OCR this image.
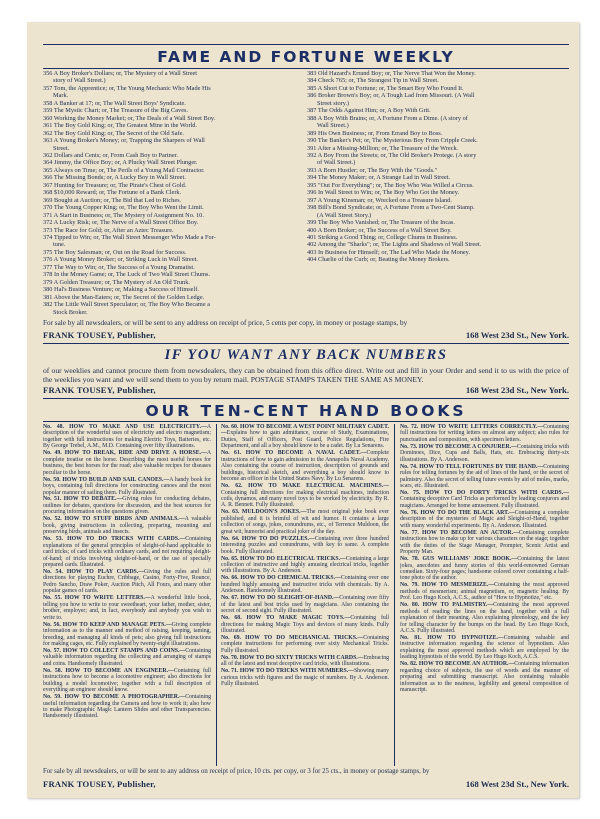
FAME AND FORTUNE WEEKLY
356 A Boy Broker's Dollars; or, The Mystery of a Wall Street
story of Wall Street.)
357 Tom, the Apprentice; or, The Young Mechanic Who Made His
Mark.
358 A Banker at 17; or, The Wall Street Boys' Syndicate.
359 The Mystic Chart; or, The Treasure of the Big Caves.
360 Working the Money Market; or, The Deals of a Wall Street Boy.
361 The Boy Gold King; or, The Greatest Mine in the World.
362 The Boy Gold King; or, The Secret of the Old Safe.
363 A Young Broker's Money; or, Trapping the Sharpers of Wall
Street.
362 Dollars and Cents; or, From Cash Boy to Partner.
364 Jimmy, the Office Boy; or, A Plucky Wall Street Plunger.
365 Always on Time; or, The Perils of a Young Mail Contractor.
366 The Missing Bonds; or, A Lucky Boy in Wall Street.
367 Hunting for Treasure; or, The Pirate's Chest of Gold.
368 $10,000 Reward; or, The Fortune of a Bank Clerk.
369 Bought at Auction; or, The Bid that Led to Riches.
370 The Young Copper King; or, The Boy Who Went the Limit.
371 A Start in Business; or, The Mystery of Assignment No. 10.
372 A Lucky Risk; or, The Nerve of a Wall Street Office Boy.
373 The Race for Gold; or, After an Aztec Treasure.
374 Tipped to Win; or, The Wall Street Messenger Who Made a For-
tune.
375 The Boy Salesman; or, Out on the Road for Success.
376 A Young Money Broker; or, Striking Luck in Wall Street.
377 The Way to Win; or, The Success of a Young Dramatist.
378 In the Money Game; or, The Luck of Two Wall Street Chums.
379 A Golden Treasure; or, The Mystery of An Old Trunk.
380 Hal's Business Venture; or, Making a Success of Himself.
381 Above the Man-Eaters; or, The Secret of the Golden Ledge.
382 The Little Wall Street Speculator; or, The Boy Who Became a
Stock Broker.
383 Old Hazard's Errand Boy; or, The Nerve That Won the Money.
384 Check 765; or, The Strangest Tip in Wall Street.
385 A Short Cut to Fortune; or, The Smart Boy Who Found It.
386 Broker Brown's Boy; or, A Tough Lad from Missouri. (A Wall
Street story.)
387 The Odds Against Him; or, A Boy With Grit.
388 A Boy With Brains; or, A Fortune From a Dime. (A story of
Wall Street.)
389 His Own Business; or, From Errand Boy to Boss.
390 The Banker's Pet; or, The Mysterious Boy From Cripple Creek.
391 After a Missing-Million; or, The Treasure of the Wreck.
392 A Boy From the Streets; or, The Old Broker's Protege. (A story
of Wall Street.)
393 A Born Hustler; or, The Boy With the "Goods."
394 The Money Maker; or, A Strange Lad in Wall Street.
395 "Out For Everything"; or, The Boy Who Was Willed a Circus.
396 In Wall Street to Win; or, The Boy Who Got the Money.
397 A Young Kinsman; or, Wrecked on a Treasure Island.
398 Bill's Bond Syndicate; or, A Fortune From a Two-Cent Stamp.
(A Wall Street Story.)
399 The Boy Who Vanished; or, The Treasure of the Incas.
400 A Born Broker; or, The Success of a Wall Street Boy.
401 Striking a Good Thing; or, College Chums in Business.
402 Among the "Sharks"; or, The Lights and Shadows of Wall Street.
403 In Business for Himself; or, The Lad Who Made the Money.
404 Charlie of the Curb; or, Beating the Money Brokers.
For sale by all newsdealers, or will be sent to any address on receipt of price, 5 cents per copy, in money or postage stamps, by
FRANK TOUSEY, Publisher,	168 West 23d St., New York.
IF YOU WANT ANY BACK NUMBERS
of our weeklies and cannot procure them from newsdealers, they can be obtained from this office direct. Write out and fill in your Order and send it to us with the price of the weeklies you want and we will send them to you by return mail. POSTAGE STAMPS TAKEN THE SAME AS MONEY.
FRANK TOUSEY, Publisher,	168 West 23d St., New York.
OUR TEN-CENT HAND BOOKS

No. 48. HOW TO MAKE AND USE ELECTRICITY.—A description of the wonderful uses of electricity and electro magnetism; together with full instructions for making Electric Toys, Batteries, etc. By George Trebel, A.M., M.D. Containing over fifty illustrations.

No. 49. HOW TO BREAK, RIDE AND DRIVE A HORSE.—A complete treatise on the horse. Describing the most useful horses for business, the best horses for the road; also valuable recipes for diseases peculiar to the horse.

No. 50. HOW TO BUILD AND SAIL CANOES.—A handy book for boys, containing full directions for constructing canoes and the most popular manner of sailing them. Fully illustrated.

No. 51. HOW TO DEBATE.—Giving rules for conducting debates, outlines for debates, questions for discussion, and the best sources for procuring information on the questions given.

No. 52. HOW TO STUFF BIRDS AND ANIMALS.—A valuable book, giving instructions in collecting, preparing, mounting and preserving birds, animals and insects.

No. 53. HOW TO DO TRICKS WITH CARDS.—Containing explanations of the general principles of sleight-of-hand applicable to card tricks; of card tricks with ordinary cards, and not requiring sleight-of-hand; of tricks involving sleight-of-hand, or the use of specially prepared cards. Illustrated.

No. 54. HOW TO PLAY CARDS.—Giving the rules and full directions for playing Euchre, Cribbage, Casino, Forty-Five, Rounce, Pedro Sancho, Draw Poker, Auction Pitch, All Fours, and many other popular games of cards.

No. 55. HOW TO WRITE LETTERS.—A wonderful little book, telling you how to write to your sweetheart, your father, mother, sister, brother, employer; and, in fact, everybody and anybody you wish to write to.

No. 56. HOW TO KEEP AND MANAGE PETS.—Giving complete information as to the manner and method of raising, keeping, taming, breeding, and managing all kinds of pets; also giving full instructions for making cages, etc. Fully explained by twenty-eight illustrations.

No. 57. HOW TO COLLECT STAMPS AND COINS.—Containing valuable information regarding the collecting and arranging of stamps and coins. Handsomely illustrated.

No. 58. HOW TO BECOME AN ENGINEER.—Containing full instructions how to become a locomotive engineer; also directions for building a model locomotive; together with a full description of everything an engineer should know.

No. 59. HOW TO BECOME A PHOTOGRAPHER.—Containing useful information regarding the Camera and how to work it; also how to make Photographic Magic Lantern Slides and other Transparencies. Handsomely illustrated.

No. 60. HOW TO BECOME A WEST POINT MILITARY CADET.—Explains how to gain admittance, course of Study, Examinations, Duties, Staff of Officers, Post Guard, Police Regulations, Fire Department, and all a boy should know to be a cadet. By Lu Senarens.

No. 61. HOW TO BECOME A NAVAL CADET.—Complete instructions of how to gain admission to the Annapolis Naval Academy. Also containing the course of instruction, description of grounds and buildings, historical sketch, and everything a boy should know to become an officer in the United States Navy. By Lu Senarens.

No. 62. HOW TO MAKE ELECTRICAL MACHINES.—Containing full directions for making electrical machines, induction coils, dynamos, and many novel toys to be worked by electricity. By R. A. R. Bennett. Fully illustrated.

No. 63. MULDOON'S JOKES.—The most original joke book ever published, and it is brimful of wit and humor. It contains a large collection of songs, jokes, conundrums, etc., of Terrence Muldoon, the great wit, humorist and practical joker of the day.

No. 64. HOW TO DO PUZZLES.—Containing over three hundred interesting puzzles and conundrums, with key to same. A complete book. Fully illustrated.

No. 65. HOW TO DO ELECTRICAL TRICKS.—Containing a large collection of instructive and highly amusing electrical tricks, together with illustrations. By A. Anderson.

No. 66. HOW TO DO CHEMICAL TRICKS.—Containing over one hundred highly amusing and instructive tricks with chemicals. By A. Anderson. Handsomely illustrated.

No. 67. HOW TO DO SLEIGHT-OF-HAND.—Containing over fifty of the latest and best tricks used by magicians. Also containing the secret of second sight. Fully illustrated.

No. 68. HOW TO MAKE MAGIC TOYS.—Containing full directions for making Magic Toys and devices of many kinds. Fully illustrated.

No. 69. HOW TO DO MECHANICAL TRICKS.—Containing complete instructions for performing over sixty Mechanical Tricks. Fully illustrated.

No. 70. HOW TO DO SIXTY TRICKS WITH CARDS.—Embracing all of the latest and most deceptive card tricks, with illustrations.

No. 71. HOW TO DO TRICKS WITH NUMBERS.—Showing many curious tricks with figures and the magic of numbers. By A. Anderson. Fully illustrated.

No. 72. HOW TO WRITE LETTERS CORRECTLY.—Containing full instructions for writing letters on almost any subject; also rules for punctuation and composition, with specimen letters.

No. 73. HOW TO BECOME A CONJURER.—Containing tricks with Dominoes, Dice, Cups and Balls, Hats, etc. Embracing thirty-six illustrations. By A. Anderson.

No. 74. HOW TO TELL FORTUNES BY THE HAND.—Containing rules for telling fortunes by the aid of lines of the hand, or the secret of palmistry. Also the secret of telling future events by aid of moles, marks, scars, etc. Illustrated.

No. 75. HOW TO DO FORTY TRICKS WITH CARDS.—Containing deceptive Card Tricks as performed by leading conjurors and magicians. Arranged for home amusement. Fully illustrated.

No. 76. HOW TO DO THE BLACK ART.—Containing a complete description of the mysteries of Magic and Sleight-of-Hand, together with many wonderful experiments. By A. Anderson. Illustrated.

No. 77. HOW TO BECOME AN ACTOR.—Containing complete instructions how to make up for various characters on the stage; together with the duties of the Stage Manager, Prompter, Scenic Artist and Property Man.

No. 78. GUS WILLIAMS' JOKE BOOK.—Containing the latest jokes, anecdotes and funny stories of this world-renowned German comedian. Sixty-four pages; handsome colored cover containing a half-tone photo of the author.

No. 79. HOW TO MESMERIZE.—Containing the most approved methods of mesmerism; animal magnetism, or, magnetic healing. By Prof. Leo Hugo Koch, A.C.S., author of "How to Hypnotize," etc.

No. 80. HOW TO PALMISTRY.—Containing the most approved methods of reading the lines on the hand, together with a full explanation of their meaning. Also explaining phrenology, and the key for telling character by the bumps on the head. By Leo Hugo Koch, A.C.S. Fully illustrated.

No. 81. HOW TO HYPNOTIZE.—Containing valuable and instructive information regarding the science of hypnotism. Also explaining the most approved methods which are employed by the leading hypnotists of the world. By Leo Hugo Koch, A.C.S.

No. 82. HOW TO BECOME AN AUTHOR.—Containing information regarding choice of subjects, the use of words and the manner of preparing and submitting manuscript. Also containing valuable information as to the neatness, legibility and general composition of manuscript.

For sale by all newsdealers, or will be sent to any address on receipt of price, 10 cts. per copy, or 3 for 25 cts., in money or postage stamps, by
FRANK TOUSEY, Publisher,	168 West 23d St., New York.
